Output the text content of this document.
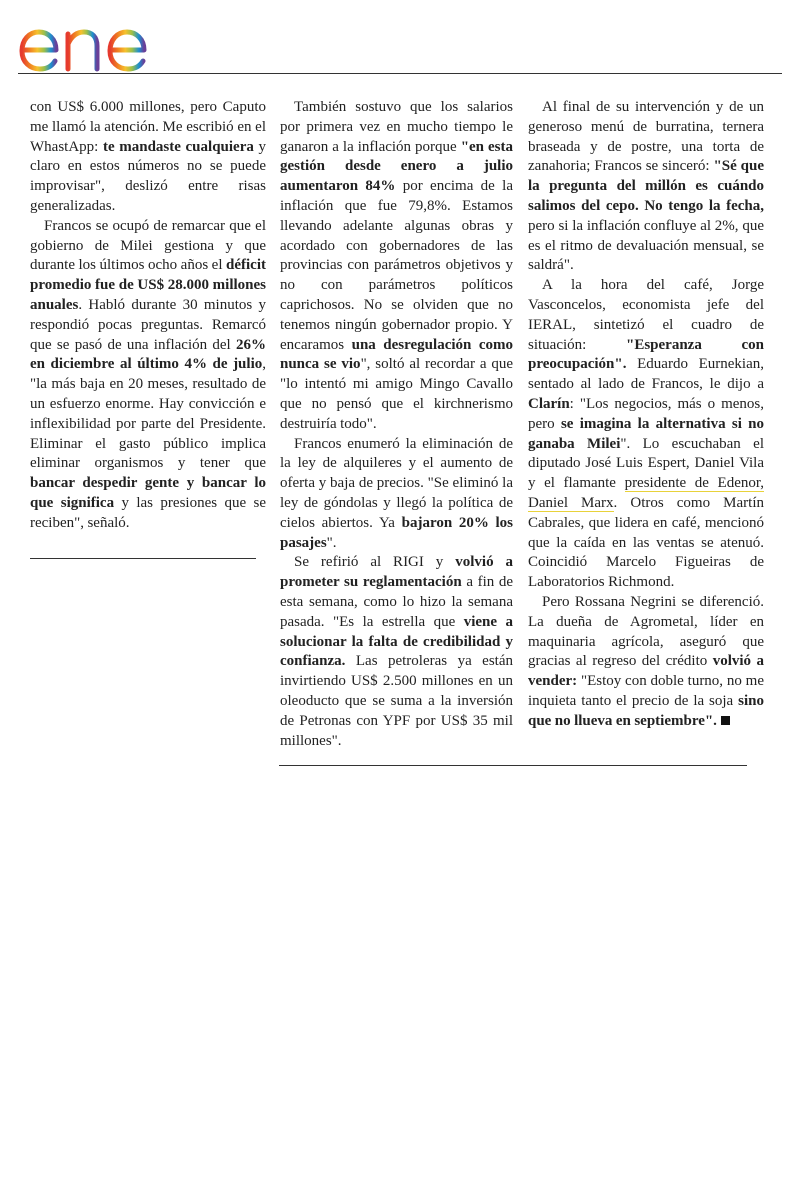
con US$ 6.000 millones, pero Caputo me llamó la atención. Me escribió en el WhastApp: te mandaste cualquiera y claro en estos números no se puede improvisar", deslizó entre risas generalizadas.

Francos se ocupó de remarcar que el gobierno de Milei gestiona y que durante los últimos ocho años el déficit promedio fue de US$ 28.000 millones anuales. Habló durante 30 minutos y respondió pocas preguntas. Remarcó que se pasó de una inflación del 26% en diciembre al último 4% de julio, "la más baja en 20 meses, resultado de un esfuerzo enorme. Hay convicción e inflexibilidad por parte del Presidente. Eliminar el gasto público implica eliminar organismos y tener que bancar despedir gente y bancar lo que significa y las presiones que se reciben", señaló.

También sostuvo que los salarios por primera vez en mucho tiempo le ganaron a la inflación porque "en esta gestión desde enero a julio aumentaron 84% por encima de la inflación que fue 79,8%. Estamos llevando adelante algunas obras y acordado con gobernadores de las provincias con parámetros objetivos y no con parámetros políticos caprichosos. No se olviden que no tenemos ningún gobernador propio. Y encaramos una desregulación como nunca se vio", soltó al recordar a que "lo intentó mi amigo Mingo Cavallo que no pensó que el kirchnerismo destruiría todo".

Francos enumeró la eliminación de la ley de alquileres y el aumento de oferta y baja de precios. "Se eliminó la ley de góndolas y llegó la política de cielos abiertos. Ya bajaron 20% los pasajes".

Se refirió al RIGI y volvió a prometer su reglamentación a fin de esta semana, como lo hizo la semana pasada. "Es la estrella que viene a solucionar la falta de credibilidad y confianza. Las petroleras ya están invirtiendo US$ 2.500 millones en un oleoducto que se suma a la inversión de Petronas con YPF por US$ 35 mil millones".

Al final de su intervención y de un generoso menú de burratina, ternera braseada y de postre, una torta de zanahoria; Francos se sinceró: "Sé que la pregunta del millón es cuándo salimos del cepo. No tengo la fecha, pero si la inflación confluye al 2%, que es el ritmo de devaluación mensual, se saldrá".

A la hora del café, Jorge Vasconcelos, economista jefe del IERAL, sintetizó el cuadro de situación: "Esperanza con preocupación". Eduardo Eurnekian, sentado al lado de Francos, le dijo a Clarín: "Los negocios, más o menos, pero se imagina la alternativa si no ganaba Milei". Lo escuchaban el diputado José Luis Espert, Daniel Vila y el flamante presidente de Edenor, Daniel Marx. Otros como Martín Cabrales, que lidera en café, mencionó que la caída en las ventas se atenuó. Coincidió Marcelo Figueiras de Laboratorios Richmond.

Pero Rossana Negrini se diferenció. La dueña de Agrometal, líder en maquinaria agrícola, aseguró que gracias al regreso del crédito volvió a vender: "Estoy con doble turno, no me inquieta tanto el precio de la soja sino que no llueva en septiembre".
